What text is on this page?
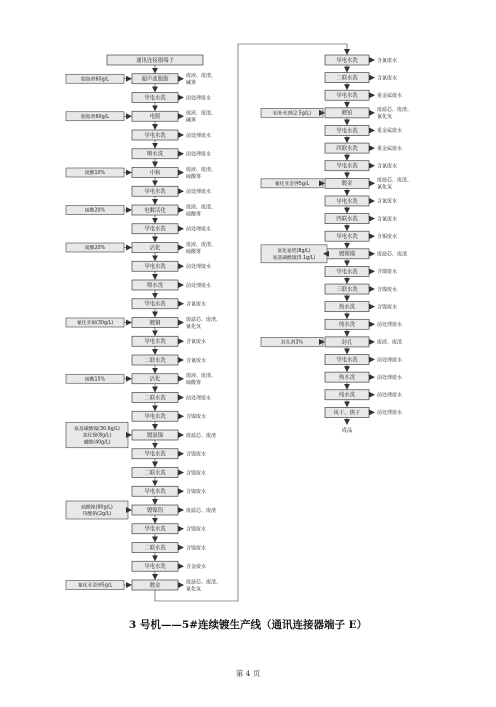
通讯连接器端子
超声波脱脂
废液、废渣、
碱雾
脱脂剂60g/L
导电水洗	前处理废水
电脱
废液、废渣、
碱雾
脱脂剂60g/L
导电水洗	前处理废水
喷水洗	前处理废水
中和
废液、废渣、
硫酸雾
硫酸10%
导电水洗	前处理废水
电解活化
废液、废渣、
硫酸雾
硫酸20%
导电水洗	前处理废水
活化
废液、废渣、
硫酸雾
硫酸20%
导电水洗	前处理废水
喷水洗	前处理废水
导电水洗	含氰废水
镀铜
废滤芯、废渣、
氰化氢
氰化亚铜(30g/L)
导电水洗	含氰废水
二联水洗	含氰废水
活化
废液、废渣、
硫酸雾
硫酸15%
二联水洗	前处理废水
导电水洗	含镍废水
镀氨镍	废滤芯、废渣
氨基磺酸镍(30.6g/L)
氯化镍(8g/L)
硼酸(40g/L)
导电水洗	含镍废水
二联水洗	含镍废水
导电水洗	含镍废水
镀镍钨	废滤芯、废渣
硫酸镍(80g/L)
钨酸钠(2g/L)
导电水洗	含镍废水
二联水洗	含镍废水
导电水洗	含金废水
镀金
废滤芯、废渣、
氰化氢
氰化亚金钾5g/L
导电水洗	含氰废水
二联水洗	含氰废水
导电水洗	重金属废水
镀铂
废滤芯、废渣、
氰化氢
铂补充剂(2.5g/L)
导电水洗	重金属废水
四联水洗	重金属废水
导电水洗	含氰废水
镀金
废滤芯、废渣、
氰化氢
氰化亚金钾5g/L
导电水洗	含氰废水
四联水洗	含氰废水
导电水洗	含锡废水
镀锡镍	废滤芯、废渣
氯化氨钯(8g/L)
氨基磺酸镍(5.1g/L)
导电水洗	含镍废水
三联水洗	含镍废水
热水洗	含镍废水
纯水洗	前处理废水
封孔	废液、废渣
封孔剂3%
导电水洗	前处理废水
热水洗	前处理废水
纯水洗	前处理废水
风干、烘干	前处理废水
成品
3 号机——5#连续镀生产线（通讯连接器端子 E）
第 4 页
